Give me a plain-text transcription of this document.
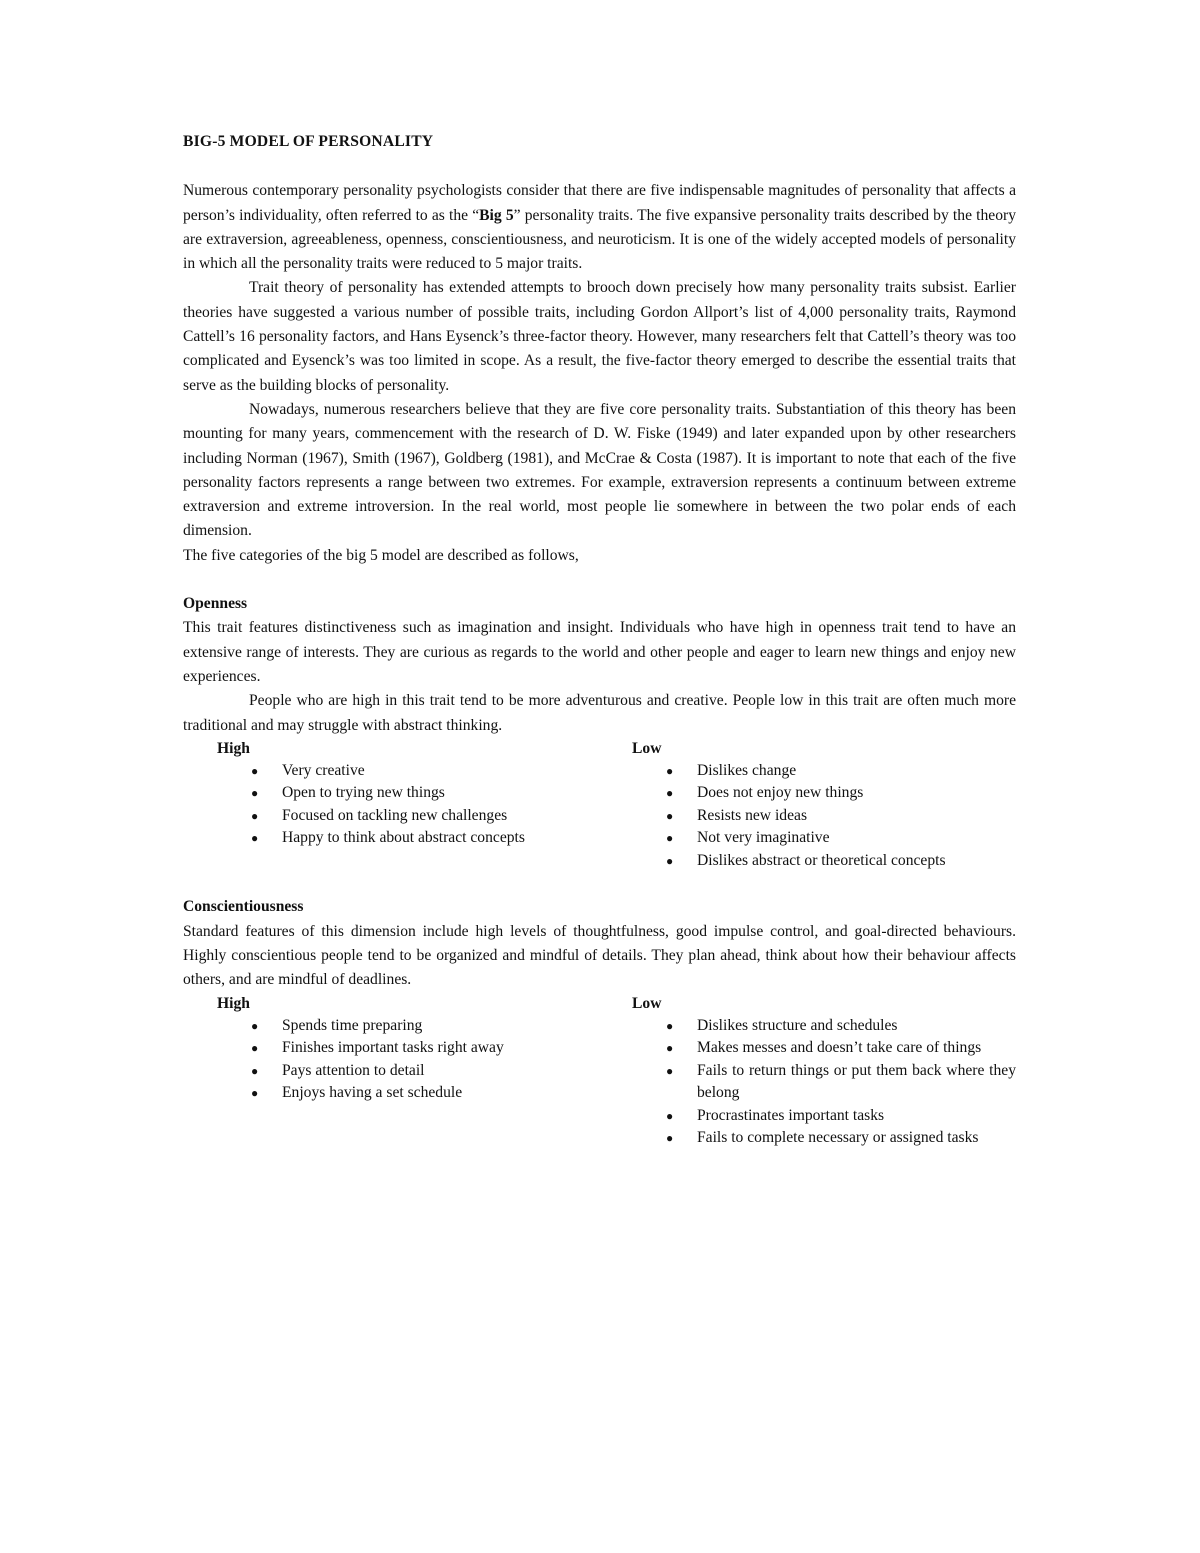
BIG-5 MODEL OF PERSONALITY

Numerous contemporary personality psychologists consider that there are five indispensable magnitudes of personality that affects a person’s individuality, often referred to as the “Big 5” personality traits. The five expansive personality traits described by the theory are extraversion, agreeableness, openness, conscientiousness, and neuroticism. It is one of the widely accepted models of personality in which all the personality traits were reduced to 5 major traits.

Trait theory of personality has extended attempts to brooch down precisely how many personality traits subsist. Earlier theories have suggested a various number of possible traits, including Gordon Allport’s list of 4,000 personality traits, Raymond Cattell’s 16 personality factors, and Hans Eysenck’s three-factor theory. However, many researchers felt that Cattell’s theory was too complicated and Eysenck’s was too limited in scope. As a result, the five-factor theory emerged to describe the essential traits that serve as the building blocks of personality.

Nowadays, numerous researchers believe that they are five core personality traits. Substantiation of this theory has been mounting for many years, commencement with the research of D. W. Fiske (1949) and later expanded upon by other researchers including Norman (1967), Smith (1967), Goldberg (1981), and McCrae & Costa (1987). It is important to note that each of the five personality factors represents a range between two extremes. For example, extraversion represents a continuum between extreme extraversion and extreme introversion. In the real world, most people lie somewhere in between the two polar ends of each dimension.

The five categories of the big 5 model are described as follows,

Openness

This trait features distinctiveness such as imagination and insight. Individuals who have high in openness trait tend to have an extensive range of interests. They are curious as regards to the world and other people and eager to learn new things and enjoy new experiences.

People who are high in this trait tend to be more adventurous and creative. People low in this trait are often much more traditional and may struggle with abstract thinking.

High
● Very creative
● Open to trying new things
● Focused on tackling new challenges
● Happy to think about abstract concepts
Low
● Dislikes change
● Does not enjoy new things
● Resists new ideas
● Not very imaginative
● Dislikes abstract or theoretical concepts
Conscientiousness

Standard features of this dimension include high levels of thoughtfulness, good impulse control, and goal-directed behaviours. Highly conscientious people tend to be organized and mindful of details. They plan ahead, think about how their behaviour affects others, and are mindful of deadlines.

High
● Spends time preparing
● Finishes important tasks right away
● Pays attention to detail
● Enjoys having a set schedule
Low
● Dislikes structure and schedules
● Makes messes and doesn’t take care of things
● Fails to return things or put them back where they belong
● Procrastinates important tasks
● Fails to complete necessary or assigned tasks
